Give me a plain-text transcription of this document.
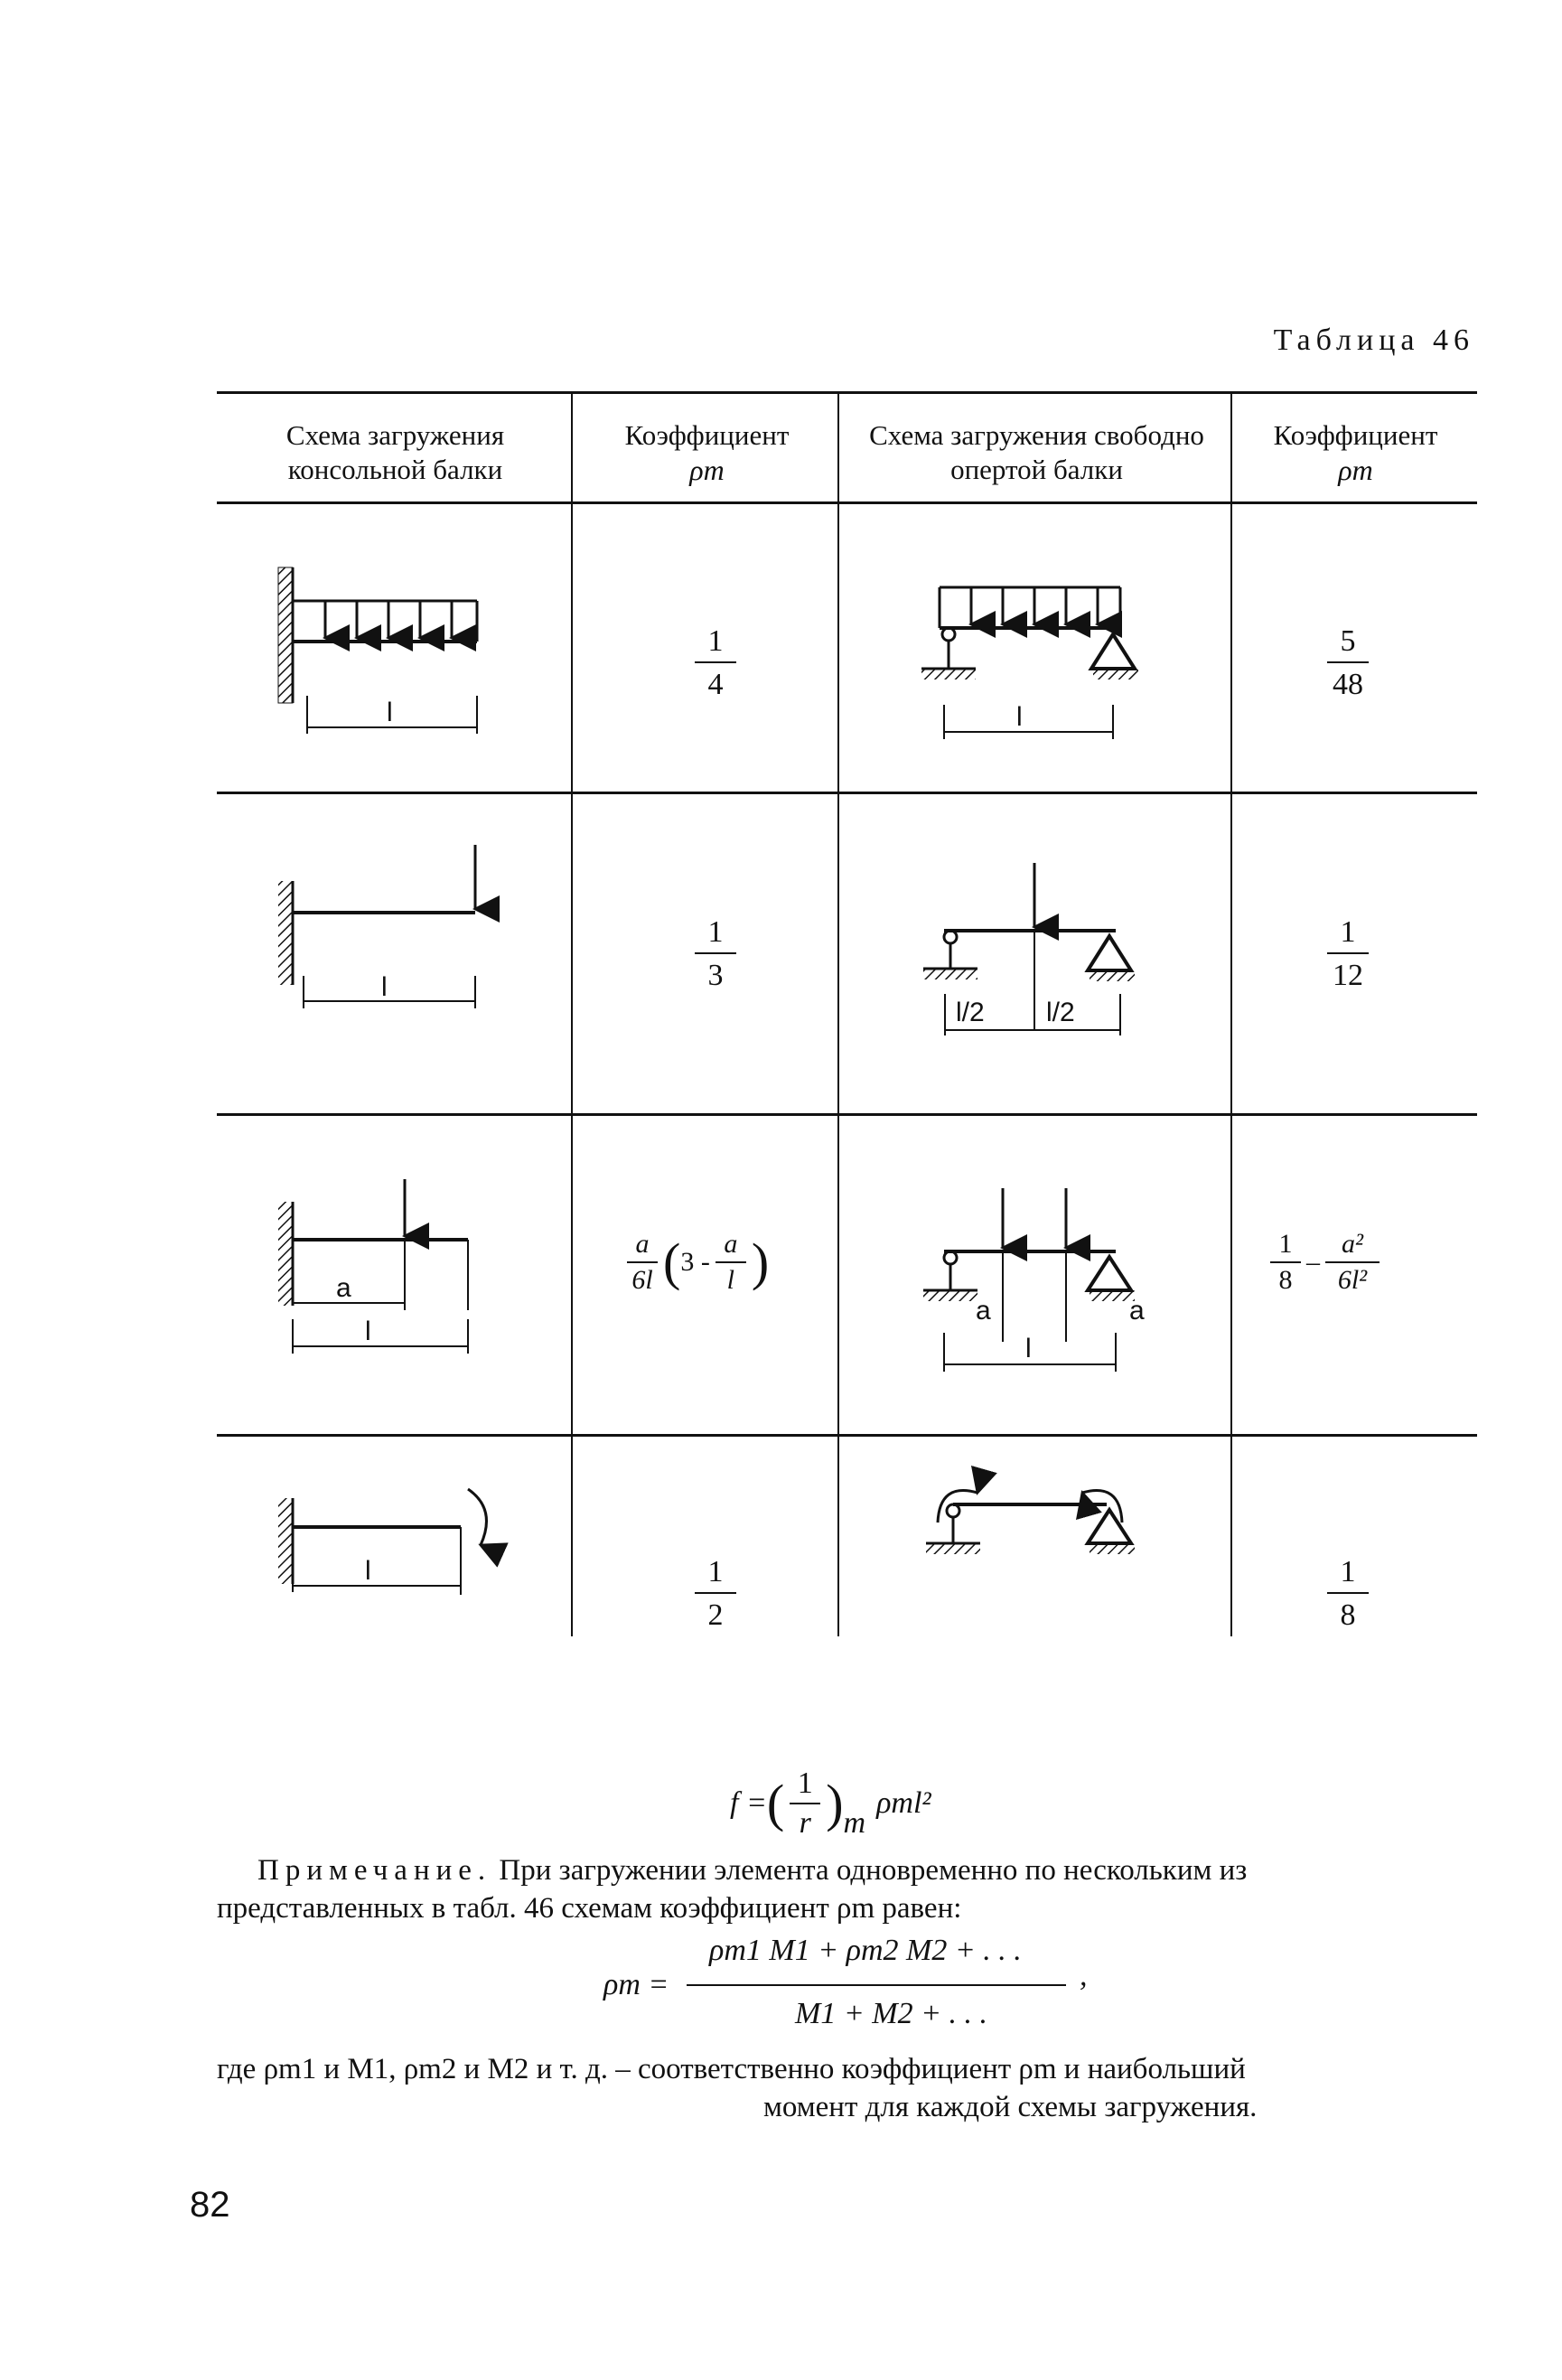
Таблица 46
Схема загружения консольной балки
Коэффициент
ρm
Схема загружения свободно опертой балки
Коэффициент
ρm
l
1
4
l
5
48
l
1
3
l/2 l/2
1
12
a
l
a
6l ( 3 -
a
l )
a
l
a
1
8
–
a²
6l²
l	1
2
1
8
f = ( 1
r ) m
ρml²
Примечание. При загружении элемента одновременно по нескольким из
представленных в табл. 46 схемам коэффициент ρm равен:
ρm =
ρm1 M1 + ρm2 M2 + . . .
M1 + M2 + . . .
,
где ρm1 и M1, ρm2 и M2 и т. д. – соответственно коэффициент ρm и наибольший
момент для каждой схемы загружения.
82
